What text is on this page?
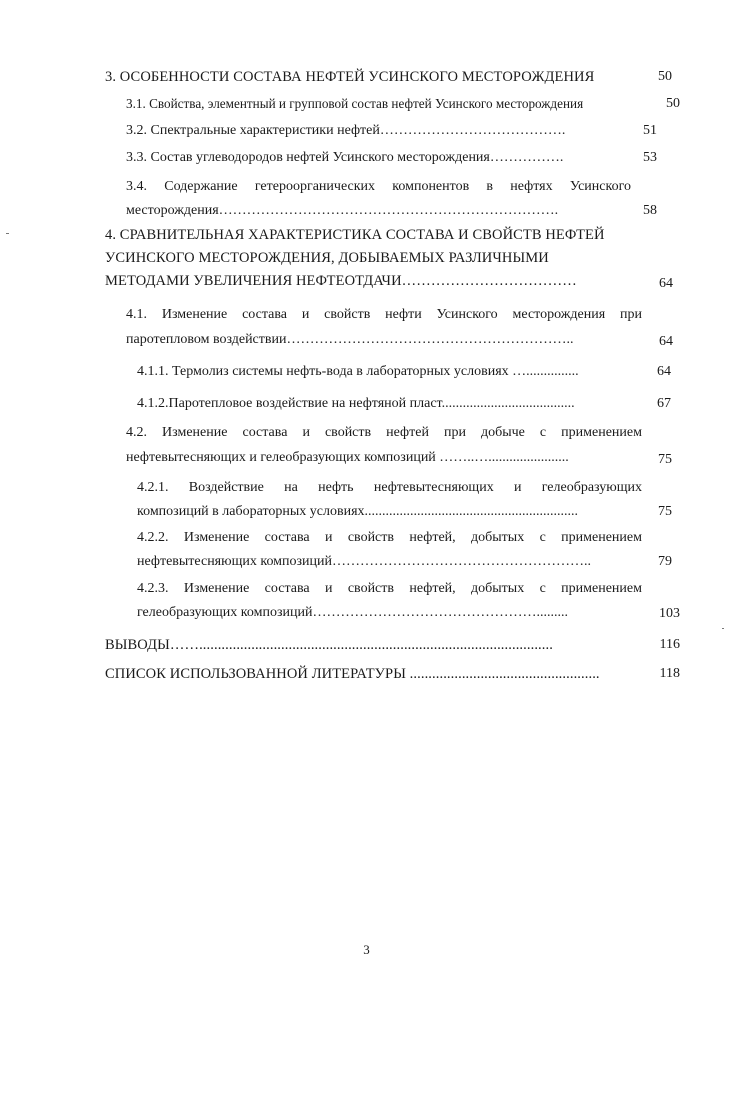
3. ОСОБЕННОСТИ СОСТАВА НЕФТЕЙ УСИНСКОГО МЕСТОРОЖДЕНИЯ	50
3.1. Свойства, элементный и групповой состав нефтей Усинского месторождения	50
3.2. Спектральные характеристики нефтей………………………………….	51
3.3. Состав углеводородов нефтей Усинского месторождения…………….	53
3.4. Содержание гетероорганических компонентов в нефтях Усинского
месторождения……………………………………………………………….	58
4. СРАВНИТЕЛЬНАЯ ХАРАКТЕРИСТИКА СОСТАВА И СВОЙСТВ НЕФТЕЙ
УСИНСКОГО МЕСТОРОЖДЕНИЯ, ДОБЫВАЕМЫХ РАЗЛИЧНЫМИ
МЕТОДАМИ УВЕЛИЧЕНИЯ НЕФТЕОТДАЧИ………………………………	64
4.1. Изменение состава и свойств нефти Усинского месторождения при
паротепловом воздействии……………………………………………………..	64
4.1.1. Термолиз системы нефть-вода в лабораторных условиях …...............	64
4.1.2.Паротепловое воздействие на нефтяной пласт......................................	67
4.2. Изменение состава и свойств нефтей при добыче с применением
нефтевытесняющих и гелеобразующих композиций ……..….......................	75
4.2.1. Воздействие на нефть нефтевытесняющих и гелеобразующих
композиций в лабораторных условиях.............................................................	75
4.2.2. Изменение состава и свойств нефтей, добытых с применением
нефтевытесняющих композиций………………………………………………..	79
4.2.3. Изменение состава и свойств нефтей, добытых с применением
гелеобразующих композиций………………………………………….........	103
ВЫВОДЫ……...............................................................................................	116
СПИСОК ИСПОЛЬЗОВАННОЙ ЛИТЕРАТУРЫ ...................................................	118
3
